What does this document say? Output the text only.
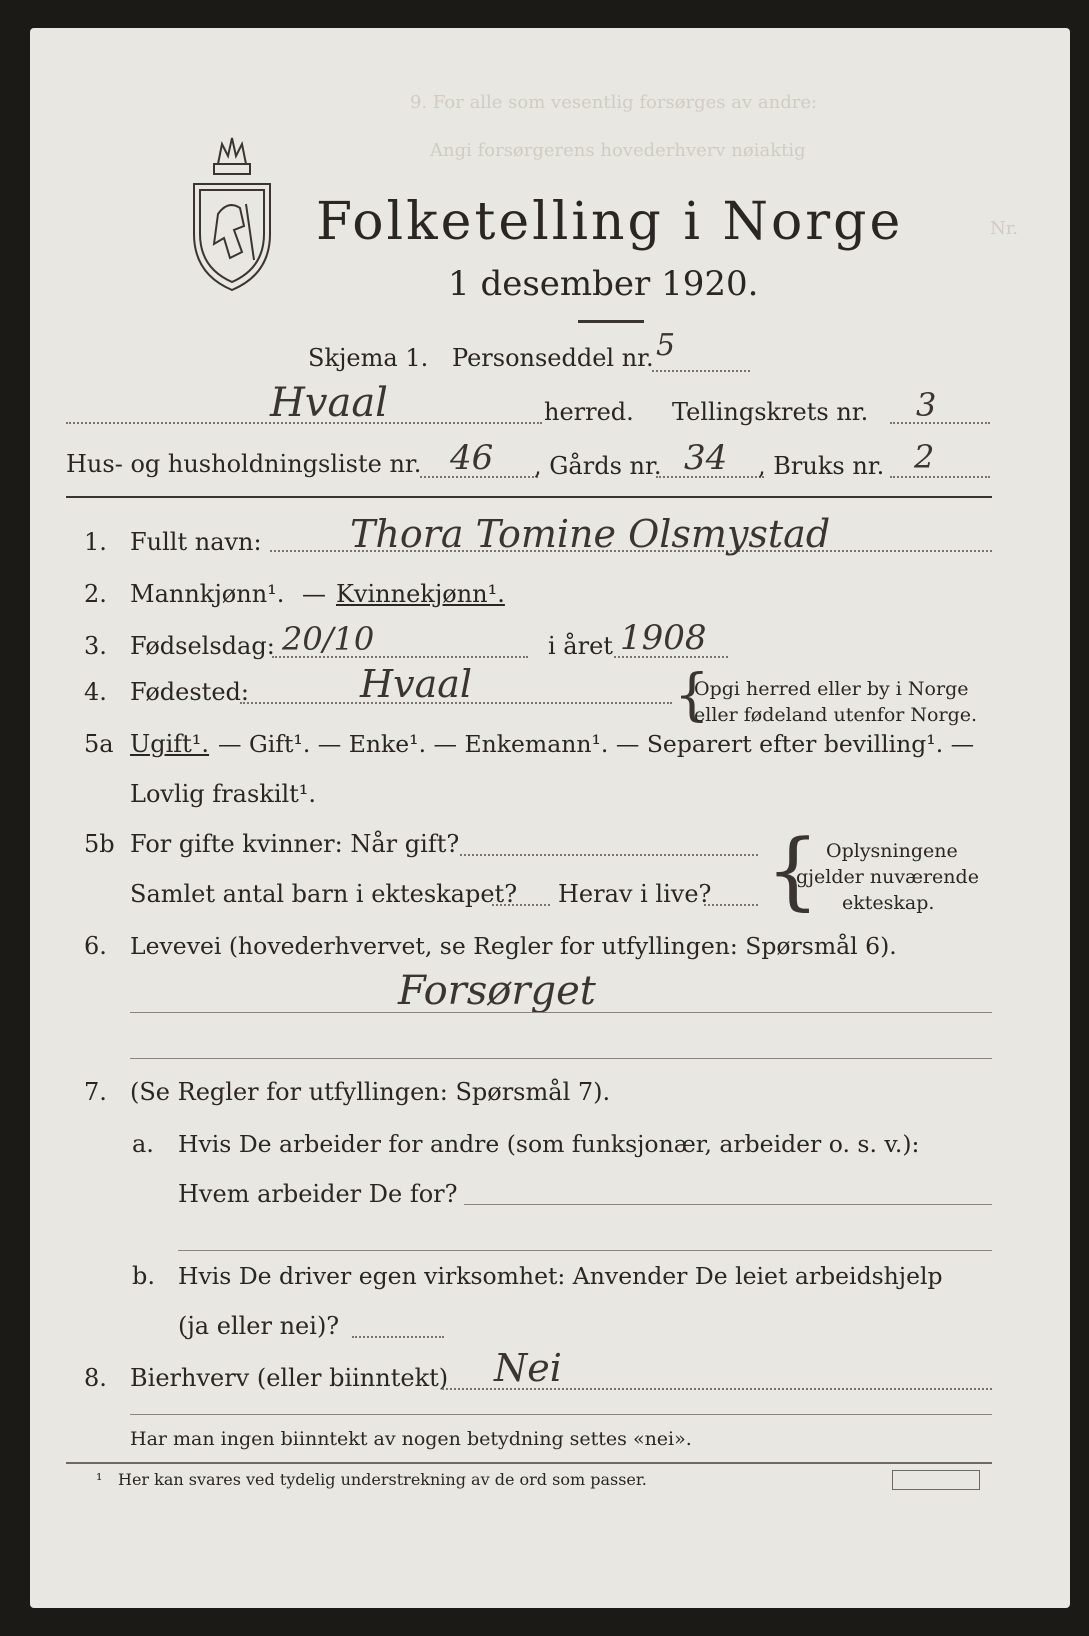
9. For alle som vesentlig forsørges av andre:
Angi forsørgerens hovederhverv nøiaktig
Nr.
Folketelling i Norge
1 desember 1920.
Skjema 1. Personseddel nr. 5
Hvaal	herred. Tellingskrets nr. 3
Hus- og husholdningsliste nr. 46 , Gårds nr. 34 , Bruks nr. 2
1. Fullt navn: Thora Tomine Olsmystad
2. Mannkjønn¹. — Kvinnekjønn¹.
3. Fødselsdag: 20/10	i året 1908
4. Fødested:	Hvaal	{
Opgi herred eller by i Norge
eller fødeland utenfor Norge.
5a Ugift¹. — Gift¹. — Enke¹. — Enkemann¹. — Separert efter bevilling¹. —
Lovlig fraskilt¹.
5b For gifte kvinner: Når gift?
Samlet antal barn i ekteskapet? Herav i live? { Oplysningene
gjelder nuværende
ekteskap.
6. Levevei (hovederhvervet, se Regler for utfyllingen: Spørsmål 6).
Forsørget
7. (Se Regler for utfyllingen: Spørsmål 7).
a. Hvis De arbeider for andre (som funksjonær, arbeider o. s. v.):
Hvem arbeider De for?
b. Hvis De driver egen virksomhet: Anvender De leiet arbeidshjelp
(ja eller nei)?
8. Bierhverv (eller biinntekt) Nei
Har man ingen biinntekt av nogen betydning settes «nei».
¹ Her kan svares ved tydelig understrekning av de ord som passer.
